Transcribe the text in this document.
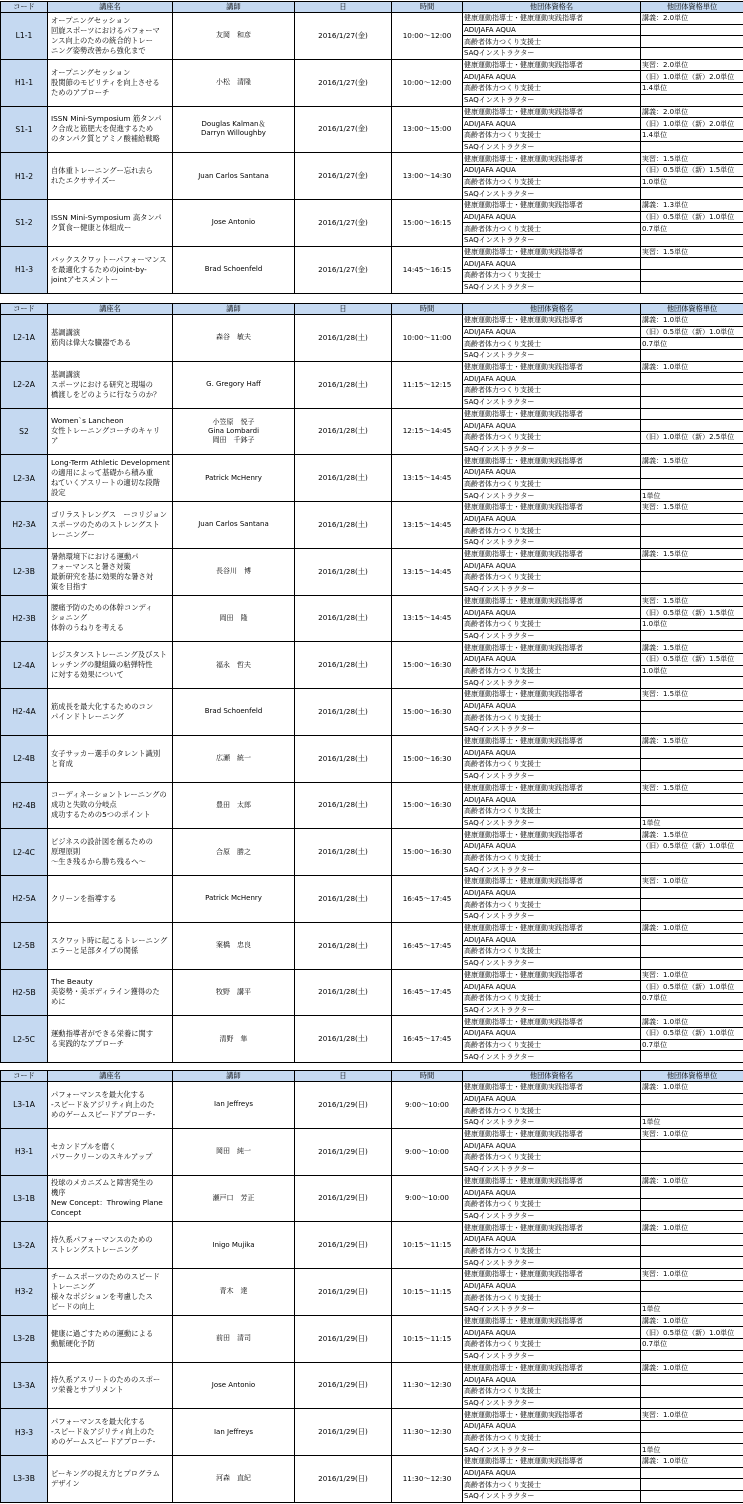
コード	講座名	講師	日	時間	他団体資格名	他団体資格単位
L1-1	オープニングセッション
回旋スポーツにおけるパフォーマ
ンス向上のための統合的トレー
ニング姿勢改善から強化まで	友岡　和彦	2016/1/27(金)	10:00～12:00	健康運動指導士・健康運動実践指導者	講義：2.0単位
					ADI/JAFA AQUA	
					高齢者体力つくり支援士	
					SAQインストラクター	
H1-1	オープニングセッション
股関節のモビリティを向上させる
ためのアプローチ	小松　清隆	2016/1/27(金)	10:00～12:00	健康運動指導士・健康運動実践指導者	実習：2.0単位
					ADI/JAFA AQUA	（旧）1.0単位（新）2.0単位
					高齢者体力つくり支援士	1.4単位
					SAQインストラクター	
S1-1	ISSN Mini-Symposium 筋タンパ
ク合成と筋肥大を促進するため
のタンパク質とアミノ酸補給戦略	Douglas Kalman＆
Darryn Willoughby	2016/1/27(金)	13:00～15:00	健康運動指導士・健康運動実践指導者	講義：2.0単位
					ADI/JAFA AQUA	（旧）1.0単位（新）2.0単位
					高齢者体力つくり支援士	1.4単位
					SAQインストラクター	
H1-2	自体重トレーニングー忘れ去ら
れたエクササイズー	Juan Carlos Santana	2016/1/27(金)	13:00～14:30	健康運動指導士・健康運動実践指導者	実習：1.5単位
					ADI/JAFA AQUA	（旧）0.5単位（新）1.5単位
					高齢者体力つくり支援士	1.0単位
					SAQインストラクター	
S1-2	ISSN Mini-Symposium 高タンパ
ク質食ー健康と体組成ー	Jose Antonio	2016/1/27(金)	15:00～16:15	健康運動指導士・健康運動実践指導者	講義：1.3単位
					ADI/JAFA AQUA	（旧）0.5単位（新）1.0単位
					高齢者体力つくり支援士	0.7単位
					SAQインストラクター	
H1-3	バックスクワットーパフォーマンス
を最適化するためのjoint-by-
jointアセスメントー	Brad Schoenfeld	2016/1/27(金)	14:45～16:15	健康運動指導士・健康運動実践指導者	実習：1.5単位
					ADI/JAFA AQUA	
					高齢者体力つくり支援士	
					SAQインストラクター	
コード	講座名	講師	日	時間	他団体資格名	他団体資格単位
L2-1A	基調講演
筋肉は偉大な臓器である	森谷　敏夫	2016/1/28(土)	10:00～11:00	健康運動指導士・健康運動実践指導者	講義：1.0単位
					ADI/JAFA AQUA	（旧）0.5単位（新）1.0単位
					高齢者体力つくり支援士	0.7単位
					SAQインストラクター	
L2-2A	基調講演
スポーツにおける研究と現場の
橋渡しをどのように行なうのか？	G. Gregory Haff	2016/1/28(土)	11:15～12:15	健康運動指導士・健康運動実践指導者	講義：1.0単位
					ADI/JAFA AQUA	
					高齢者体力つくり支援士	
					SAQインストラクター	
S2	Women`s Lancheon
女性トレーニングコーチのキャリ
ア	小笠原　悦子
Gina Lombardi
岡田　千鉢子	2016/1/28(土)	12:15～14:45	健康運動指導士・健康運動実践指導者	
					ADI/JAFA AQUA	
					高齢者体力つくり支援士	（旧）1.0単位（新）2.5単位
					SAQインストラクター	
L2-3A	Long-Term Athletic Development
の適用によって基礎から積み重
ねていくアスリートの適切な段階
設定	Patrick McHenry	2016/1/28(土)	13:15～14:45	健康運動指導士・健康運動実践指導者	講義：1.5単位
					ADI/JAFA AQUA	
					高齢者体力つくり支援士	
					SAQインストラクター	1単位
H2-3A	ゴリラストレングス　ーコリジョン
スポーツのためのストレングスト
レーニングー	Juan Carlos Santana	2016/1/28(土)	13:15～14:45	健康運動指導士・健康運動実践指導者	実習：1.5単位
					ADI/JAFA AQUA	
					高齢者体力つくり支援士	
					SAQインストラクター	
L2-3B	暑熱環境下における運動パ
フォーマンスと暑さ対策
最新研究を基に効果的な暑さ対
策を目指す	長谷川　博	2016/1/28(土)	13:15～14:45	健康運動指導士・健康運動実践指導者	講義：1.5単位
					ADI/JAFA AQUA	
					高齢者体力つくり支援士	
					SAQインストラクター	
H2-3B	腰痛予防のための体幹コンディ
ショニング
体幹のうねりを考える	岡田　隆	2016/1/28(土)	13:15～14:45	健康運動指導士・健康運動実践指導者	実習：1.5単位
					ADI/JAFA AQUA	（旧）0.5単位（新）1.5単位
					高齢者体力つくり支援士	1.0単位
					SAQインストラクター	
L2-4A	レジスタンストレーニング及びスト
レッチングの腱組織の粘弾特性
に対する効果について	福永　哲夫	2016/1/28(土)	15:00～16:30	健康運動指導士・健康運動実践指導者	講義：1.5単位
					ADI/JAFA AQUA	（旧）0.5単位（新）1.5単位
					高齢者体力つくり支援士	1.0単位
					SAQインストラクター	
H2-4A	筋成長を最大化するためのコン
パインドトレーニング	Brad Schoenfeld	2016/1/28(土)	15:00～16:30	健康運動指導士・健康運動実践指導者	実習：1.5単位
					ADI/JAFA AQUA	
					高齢者体力つくり支援士	
					SAQインストラクター	
L2-4B	女子サッカー選手のタレント識別
と育成	広瀬　統一	2016/1/28(土)	15:00～16:30	健康運動指導士・健康運動実践指導者	講義：1.5単位
					ADI/JAFA AQUA	
					高齢者体力つくり支援士	
					SAQインストラクター	
H2-4B	コーディネーショントレーニングの
成功と失敗の分岐点
成功するための5つのポイント	豊田　太郎	2016/1/28(土)	15:00～16:30	健康運動指導士・健康運動実践指導者	実習：1.5単位
					ADI/JAFA AQUA	
					高齢者体力つくり支援士	
					SAQインストラクター	1単位
L2-4C	ビジネスの設計図を創るための
原理原則
～生き残るから勝ち残るへ～	合原　勝之	2016/1/28(土)	15:00～16:30	健康運動指導士・健康運動実践指導者	講義：1.5単位
					ADI/JAFA AQUA	（旧）0.5単位（新）1.0単位
					高齢者体力つくり支援士	
					SAQインストラクター	
H2-5A	クリーンを指導する	Patrick McHenry	2016/1/28(土)	16:45～17:45	健康運動指導士・健康運動実践指導者	実習：1.0単位
					ADI/JAFA AQUA	
					高齢者体力つくり支援士	
					SAQインストラクター	
L2-5B	スクワット時に起こるトレーニング
エラーと足部タイプの関係	案橋　忠良	2016/1/28(土)	16:45～17:45	健康運動指導士・健康運動実践指導者	講義：1.0単位
					ADI/JAFA AQUA	
					高齢者体力つくり支援士	
					SAQインストラクター	
H2-5B	The Beauty
美姿勢・美ボディライン獲得のた
めに	牧野　講平	2016/1/28(土)	16:45～17:45	健康運動指導士・健康運動実践指導者	実習：1.0単位
					ADI/JAFA AQUA	（旧）0.5単位（新）1.0単位
					高齢者体力つくり支援士	0.7単位
					SAQインストラクター	
L2-5C	運動指導者ができる栄養に関す
る実践的なアプローチ	清野　隼	2016/1/28(土)	16:45～17:45	健康運動指導士・健康運動実践指導者	講義：1.0単位
					ADI/JAFA AQUA	（旧）0.5単位（新）1.0単位
					高齢者体力つくり支援士	0.7単位
					SAQインストラクター	
コード	講座名	講師	日	時間	他団体資格名	他団体資格単位
L3-1A	パフォーマンスを最大化する
-スピード＆アジリティ向上のた
めのゲームスピードアプローチ-	Ian Jeffreys	2016/1/29(日)	9:00～10:00	健康運動指導士・健康運動実践指導者	講義：1.0単位
					ADI/JAFA AQUA	
					高齢者体力つくり支援士	
					SAQインストラクター	1単位
H3-1	セカンドプルを磨く
パワークリーンのスキルアップ	岡田　純一	2016/1/29(日)	9:00～10:00	健康運動指導士・健康運動実践指導者	実習：1.0単位
					ADI/JAFA AQUA	
					高齢者体力つくり支援士	
					SAQインストラクター	
L3-1B	投球のメカニズムと障害発生の
機序
New Concept：Throwing Plane
Concept	瀬戸口　芳正	2016/1/29(日)	9:00～10:00	健康運動指導士・健康運動実践指導者	講義：1.0単位
					ADI/JAFA AQUA	
					高齢者体力つくり支援士	
					SAQインストラクター	
L3-2A	持久系パフォーマンスのための
ストレングストレーニング	Inigo Mujika	2016/1/29(日)	10:15～11:15	健康運動指導士・健康運動実践指導者	講義：1.0単位
					ADI/JAFA AQUA	
					高齢者体力つくり支援士	
					SAQインストラクター	
H3-2	チームスポーツのためのスピード
トレーニング
様々なポジションを考慮したス
ピードの向上	青木　達	2016/1/29(日)	10:15～11:15	健康運動指導士・健康運動実践指導者	実習：1.0単位
					ADI/JAFA AQUA	
					高齢者体力つくり支援士	
					SAQインストラクター	1単位
L3-2B	健康に過ごすための運動による
動脈硬化予防	前田　清司	2016/1/29(日)	10:15～11:15	健康運動指導士・健康運動実践指導者	講義：1.0単位
					ADI/JAFA AQUA	（旧）0.5単位（新）1.0単位
					高齢者体力つくり支援士	0.7単位
					SAQインストラクター	
L3-3A	持久系アスリートのためのスポー
ツ栄養とサプリメント	Jose Antonio	2016/1/29(日)	11:30～12:30	健康運動指導士・健康運動実践指導者	講義：1.0単位
					ADI/JAFA AQUA	
					高齢者体力つくり支援士	
					SAQインストラクター	
H3-3	パフォーマンスを最大化する
-スピード＆アジリティ向上のた
めのゲームスピードアプローチ-	Ian Jeffreys	2016/1/29(日)	11:30～12:30	健康運動指導士・健康運動実践指導者	実習：1.0単位
					ADI/JAFA AQUA	
					高齢者体力つくり支援士	
					SAQインストラクター	1単位
L3-3B	ピーキングの捉え方とプログラム
デザイン	河森　直紀	2016/1/29(日)	11:30～12:30	健康運動指導士・健康運動実践指導者	講義：1.0単位
					ADI/JAFA AQUA	
					高齢者体力つくり支援士	
					SAQインストラクター	
